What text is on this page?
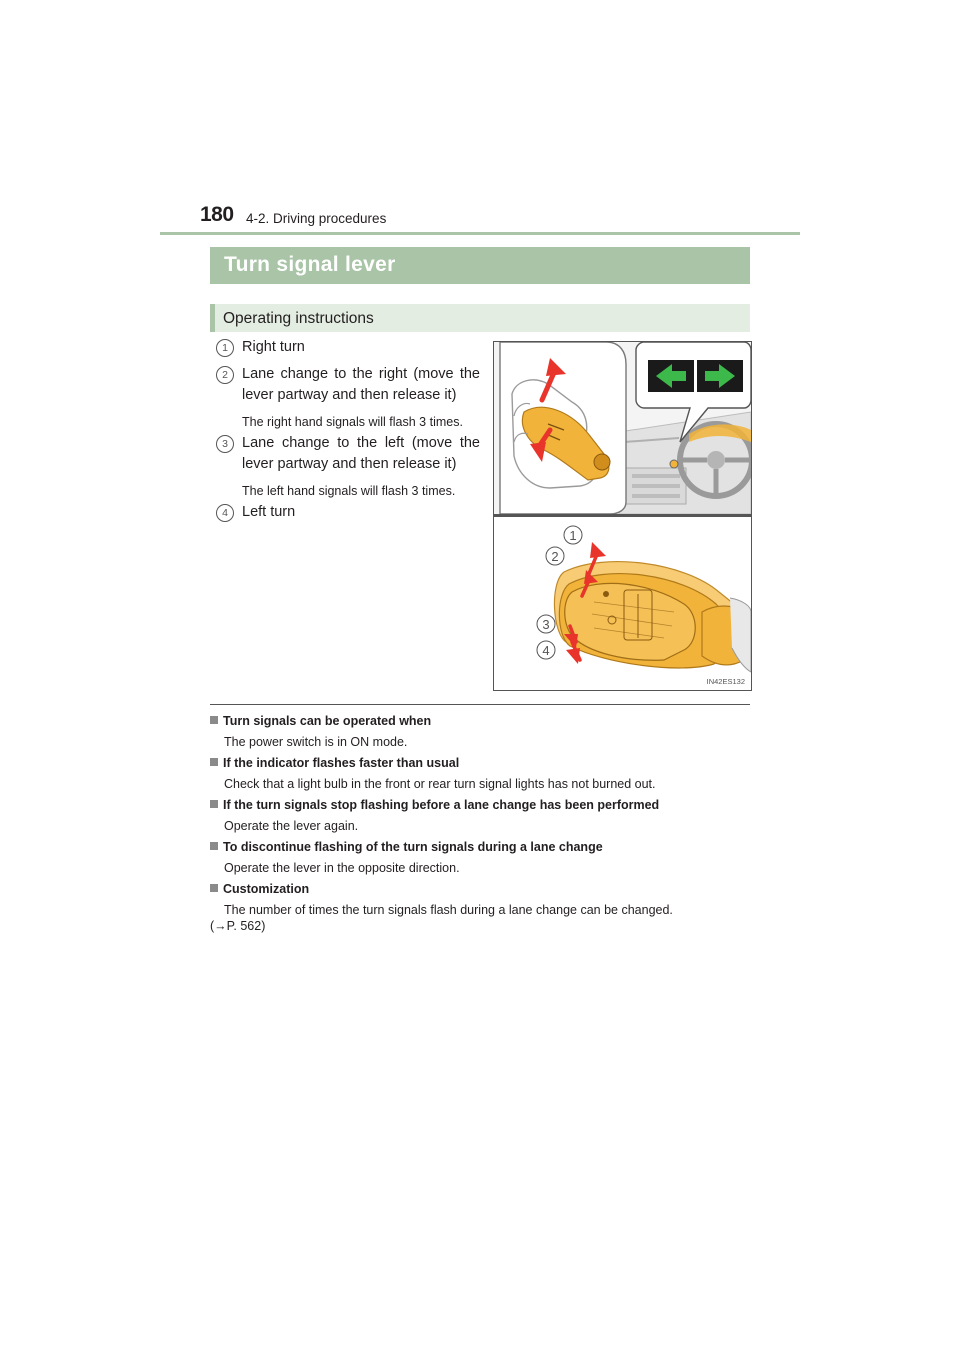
180 4-2. Driving procedures
Turn signal lever
Operating instructions
1 Right turn
2 Lane change to the right (move the lever partway and then release it)
The right hand signals will flash 3 times.
3 Lane change to the left (move the lever partway and then release it)
The left hand signals will flash 3 times.
4 Left turn
1
2
3
4
IN42ES132
Turn signals can be operated when
The power switch is in ON mode.
If the indicator flashes faster than usual
Check that a light bulb in the front or rear turn signal lights has not burned out.
If the turn signals stop flashing before a lane change has been performed
Operate the lever again.
To discontinue flashing of the turn signals during a lane change
Operate the lever in the opposite direction.
Customization
The number of times the turn signals flash during a lane change can be changed.
(→P. 562)
